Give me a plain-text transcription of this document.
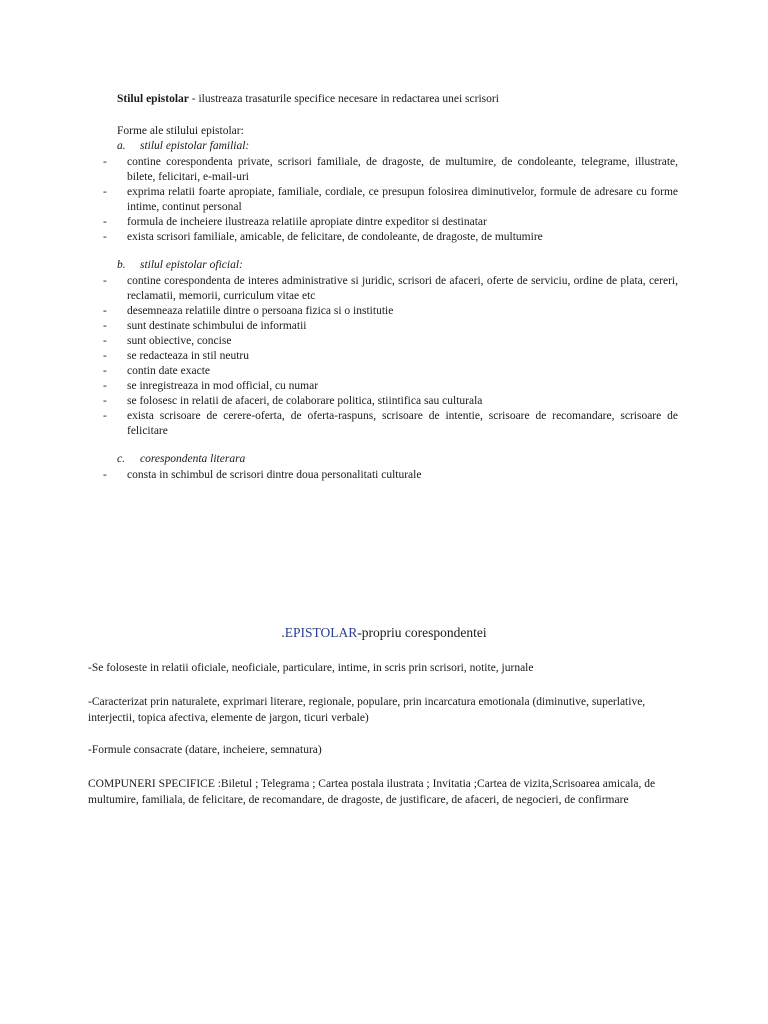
Stilul epistolar - ilustreaza trasaturile specifice necesare in redactarea unei scrisori
Forme ale stilului epistolar:
a. stilul epistolar familial:
- contine corespondenta private, scrisori familiale, de dragoste, de multumire, de condoleante, telegrame, illustrate, bilete, felicitari, e-mail-uri
- exprima relatii foarte apropiate, familiale, cordiale, ce presupun folosirea diminutivelor, formule de adresare cu forme intime, continut personal
- formula de incheiere ilustreaza relatiile apropiate dintre expeditor si destinatar
- exista scrisori familiale, amicable, de felicitare, de condoleante, de dragoste, de multumire
b. stilul epistolar oficial:
- contine corespondenta de interes administrative si juridic, scrisori de afaceri, oferte de serviciu, ordine de plata, cereri, reclamatii, memorii, curriculum vitae etc
- desemneaza relatiile dintre o persoana fizica si o institutie
- sunt destinate schimbului de informatii
- sunt obiective, concise
- se redacteaza in stil neutru
- contin date exacte
- se inregistreaza in mod official, cu numar
- se folosesc in relatii de afaceri, de colaborare politica, stiintifica sau culturala
- exista scrisoare de cerere-oferta, de oferta-raspuns, scrisoare de intentie, scrisoare de recomandare, scrisoare de felicitare
c. corespondenta literara
- consta in schimbul de scrisori dintre doua personalitati culturale
.EPISTOLAR-propriu corespondentei
-Se foloseste in relatii oficiale, neoficiale, particulare, intime, in scris prin scrisori, notite, jurnale
-Caracterizat prin naturalete, exprimari literare, regionale, populare, prin incarcatura emotionala (diminutive, superlative, interjectii, topica afectiva, elemente de jargon, ticuri verbale)
-Formule consacrate (datare, incheiere, semnatura)
COMPUNERI SPECIFICE :Biletul ; Telegrama ; Cartea postala ilustrata ; Invitatia ;Cartea de vizita,Scrisoarea amicala, de multumire, familiala, de felicitare, de recomandare, de dragoste, de justificare, de afaceri, de negocieri, de confirmare
